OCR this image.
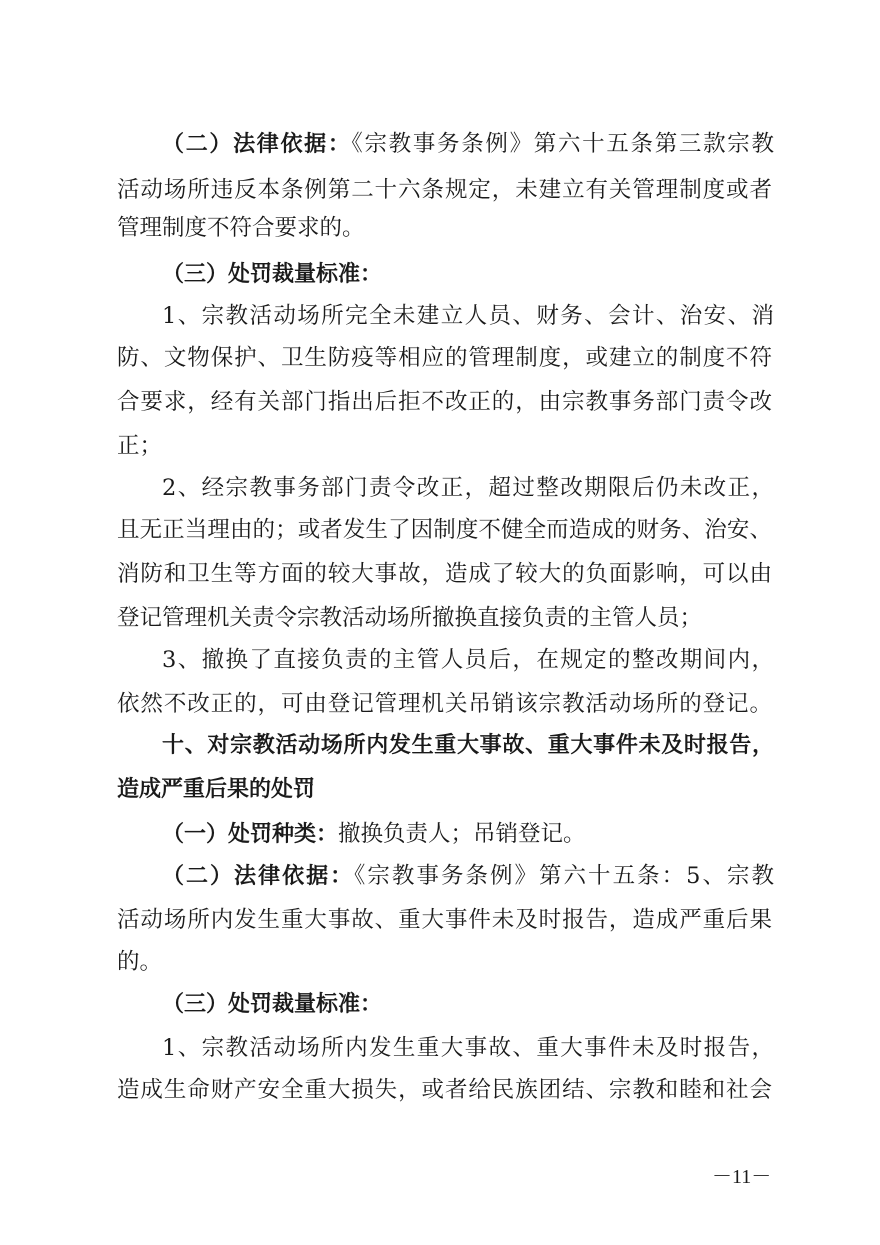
（二）法律依据：《宗教事务条例》第六十五条第三款宗教
活动场所违反本条例第二十六条规定，未建立有关管理制度或者
管理制度不符合要求的。
（三）处罚裁量标准：
1、宗教活动场所完全未建立人员、财务、会计、治安、消
防、文物保护、卫生防疫等相应的管理制度，或建立的制度不符
合要求，经有关部门指出后拒不改正的，由宗教事务部门责令改
正；
2、经宗教事务部门责令改正，超过整改期限后仍未改正，
且无正当理由的；或者发生了因制度不健全而造成的财务、治安、
消防和卫生等方面的较大事故，造成了较大的负面影响，可以由
登记管理机关责令宗教活动场所撤换直接负责的主管人员；
3、撤换了直接负责的主管人员后，在规定的整改期间内，
依然不改正的，可由登记管理机关吊销该宗教活动场所的登记。
十、对宗教活动场所内发生重大事故、重大事件未及时报告，
造成严重后果的处罚
（一）处罚种类：撤换负责人；吊销登记。
（二）法律依据：《宗教事务条例》第六十五条：5、宗教
活动场所内发生重大事故、重大事件未及时报告，造成严重后果
的。
（三）处罚裁量标准：
1、宗教活动场所内发生重大事故、重大事件未及时报告，
造成生命财产安全重大损失，或者给民族团结、宗教和睦和社会
－11－
